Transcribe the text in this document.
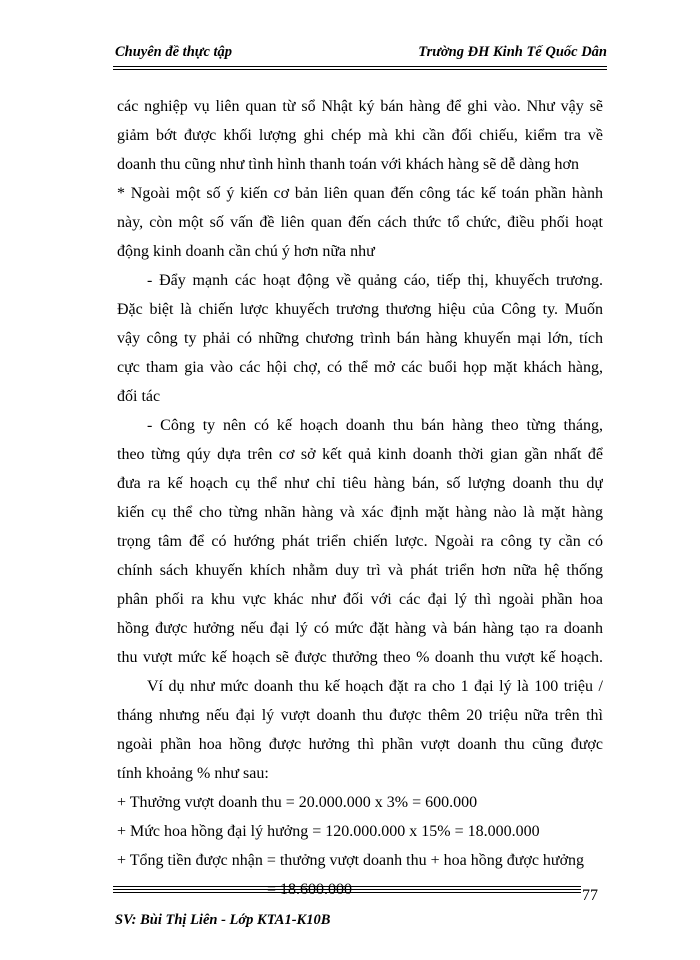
Chuyên đề thực tập	Trường ĐH Kinh Tế Quốc Dân
các nghiệp vụ liên quan từ sổ Nhật ký bán hàng để ghi vào. Như vậy sẽ
giảm bớt được khối lượng ghi chép mà khi cần đối chiếu, kiểm tra về
doanh thu cũng như tình hình thanh toán với khách hàng sẽ dễ dàng hơn
* Ngoài một số ý kiến cơ bản liên quan đến công tác kế toán phần hành
này, còn một số vấn đề liên quan đến cách thức tổ chức, điều phối hoạt
động kinh doanh cần chú ý hơn nữa như
- Đẩy mạnh các hoạt động về quảng cáo, tiếp thị, khuyếch trương.
Đặc biệt là chiến lược khuyếch trương thương hiệu của Công ty. Muốn
vậy công ty phải có những chương trình bán hàng khuyến mại lớn, tích
cực tham gia vào các hội chợ, có thể mở các buổi họp mặt khách hàng,
đối tác
- Công ty nên có kế hoạch doanh thu bán hàng theo từng tháng,
theo từng qúy dựa trên cơ sở kết quả kinh doanh thời gian gần nhất để
đưa ra kế hoạch cụ thể như chỉ tiêu hàng bán, số lượng doanh thu dự
kiến cụ thể cho từng nhãn hàng và xác định mặt hàng nào là mặt hàng
trọng tâm để có hướng phát triển chiến lược. Ngoài ra công ty cần có
chính sách khuyến khích nhằm duy trì và phát triển hơn nữa hệ thống
phân phối ra khu vực khác như đối với các đại lý thì ngoài phần hoa
hồng được hưởng nếu đại lý có mức đặt hàng và bán hàng tạo ra doanh
thu vượt mức kế hoạch sẽ được thưởng theo % doanh thu vượt kế hoạch.
Ví dụ như mức doanh thu kế hoạch đặt ra cho 1 đại lý là 100 triệu /
tháng nhưng nếu đại lý vượt doanh thu được thêm 20 triệu nữa trên thì
ngoài phần hoa hồng được hưởng thì phần vượt doanh thu cũng được
tính khoảng % như sau:
+ Thưởng vượt doanh thu = 20.000.000 x 3% = 600.000
+ Mức hoa hồng đại lý hưởng = 120.000.000 x 15% = 18.000.000
+ Tổng tiền được nhận = thưởng vượt doanh thu + hoa hồng được hưởng
= 18.600.000	77
SV: Bùi Thị Liên - Lớp KTA1-K10B
